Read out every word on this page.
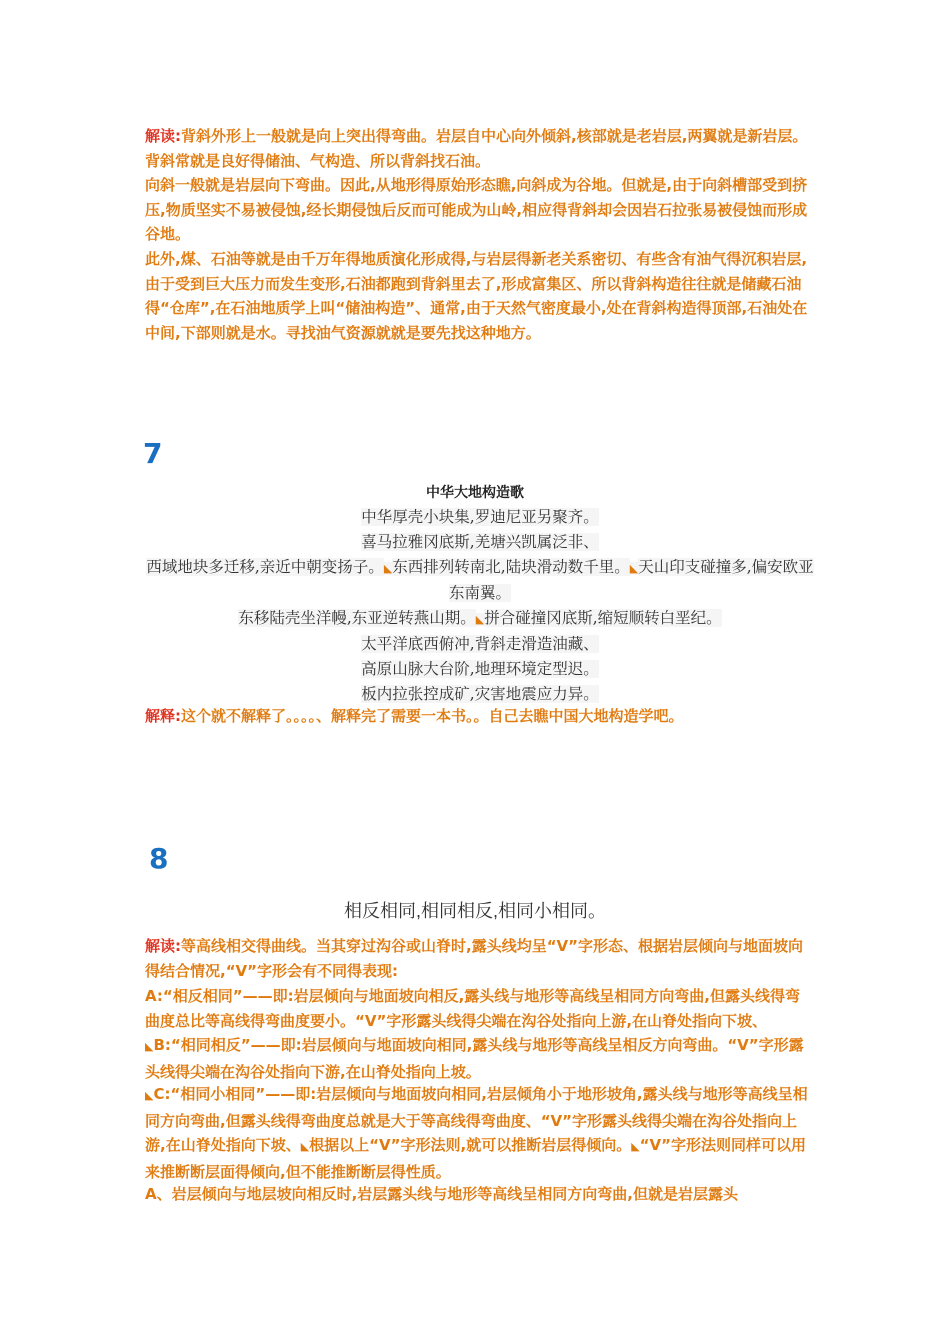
解读:背斜外形上一般就是向上突出得弯曲。岩层自中心向外倾斜,核部就是老岩层,两翼就是新岩层。背斜常就是良好得储油、气构造、所以背斜找石油。

向斜一般就是岩层向下弯曲。因此,从地形得原始形态瞧,向斜成为谷地。但就是,由于向斜槽部受到挤压,物质坚实不易被侵蚀,经长期侵蚀后反而可能成为山岭,相应得背斜却会因岩石拉张易被侵蚀而形成谷地。

此外,煤、石油等就是由千万年得地质演化形成得,与岩层得新老关系密切、有些含有油气得沉积岩层,由于受到巨大压力而发生变形,石油都跑到背斜里去了,形成富集区、所以背斜构造往往就是储藏石油得“仓库”,在石油地质学上叫“储油构造”、通常,由于天然气密度最小,处在背斜构造得顶部,石油处在中间,下部则就是水。寻找油气资源就就是要先找这种地方。

7
中华大地构造歌
中华厚壳小块集,罗迪尼亚另聚齐。
喜马拉雅冈底斯,羌塘兴凯属泛非、
西域地块多迁移,亲近中朝变扬子。◣东西排列转南北,陆块滑动数千里。◣天山印支碰撞多,偏安欧亚东南翼。
东移陆壳坐洋幔,东亚逆转燕山期。◣拼合碰撞冈底斯,缩短顺转白垩纪。
太平洋底西俯冲,背斜走滑造油藏、
高原山脉大台阶,地理环境定型迟。
板内拉张控成矿,灾害地震应力异。

解释:这个就不解释了。。。。、解释完了需要一本书。。自己去瞧中国大地构造学吧。

8
相反相同,相同相反,相同小相同。

解读:等高线相交得曲线。当其穿过沟谷或山脊时,露头线均呈“V”字形态、根据岩层倾向与地面坡向得结合情况,“V”字形会有不同得表现:

A:“相反相同”——即:岩层倾向与地面坡向相反,露头线与地形等高线呈相同方向弯曲,但露头线得弯曲度总比等高线得弯曲度要小。“V”字形露头线得尖端在沟谷处指向上游,在山脊处指向下坡、◣B:“相同相反”——即:岩层倾向与地面坡向相同,露头线与地形等高线呈相反方向弯曲。“V”字形露头线得尖端在沟谷处指向下游,在山脊处指向上坡。

◣C:“相同小相同”——即:岩层倾向与地面坡向相同,岩层倾角小于地形坡角,露头线与地形等高线呈相同方向弯曲,但露头线得弯曲度总就是大于等高线得弯曲度、“V”字形露头线得尖端在沟谷处指向上游,在山脊处指向下坡、◣根据以上“V”字形法则,就可以推断岩层得倾向。◣“V”字形法则同样可以用来推断断层面得倾向,但不能推断断层得性质。

A、岩层倾向与地层坡向相反时,岩层露头线与地形等高线呈相同方向弯曲,但就是岩层露头
